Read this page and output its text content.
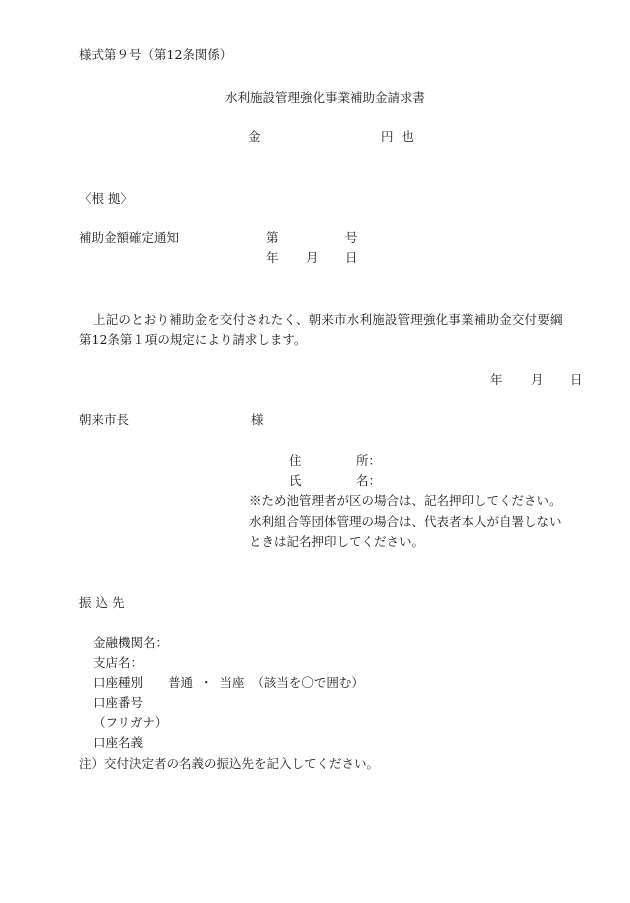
様式第９号（第12条関係）
水利施設管理強化事業補助金請求書
金	円 也
〈根 拠〉
補助金額確定通知	第	号
年 月 日
上記のとおり補助金を交付されたく、朝来市水利施設管理強化事業補助金交付要綱
第12条第１項の規定により請求します。
年 月 日
朝来市長	様
住	所：
氏	名：
※ため池管理者が区の場合は、記名押印してください。
水利組合等団体管理の場合は、代表者本人が自署しない
ときは記名押印してください。
振 込 先
金融機関名：
支店名：
口座種別 普通 ・ 当座 （該当を〇で囲む）
口座番号
（フリガナ）
口座名義
注）交付決定者の名義の振込先を記入してください。
